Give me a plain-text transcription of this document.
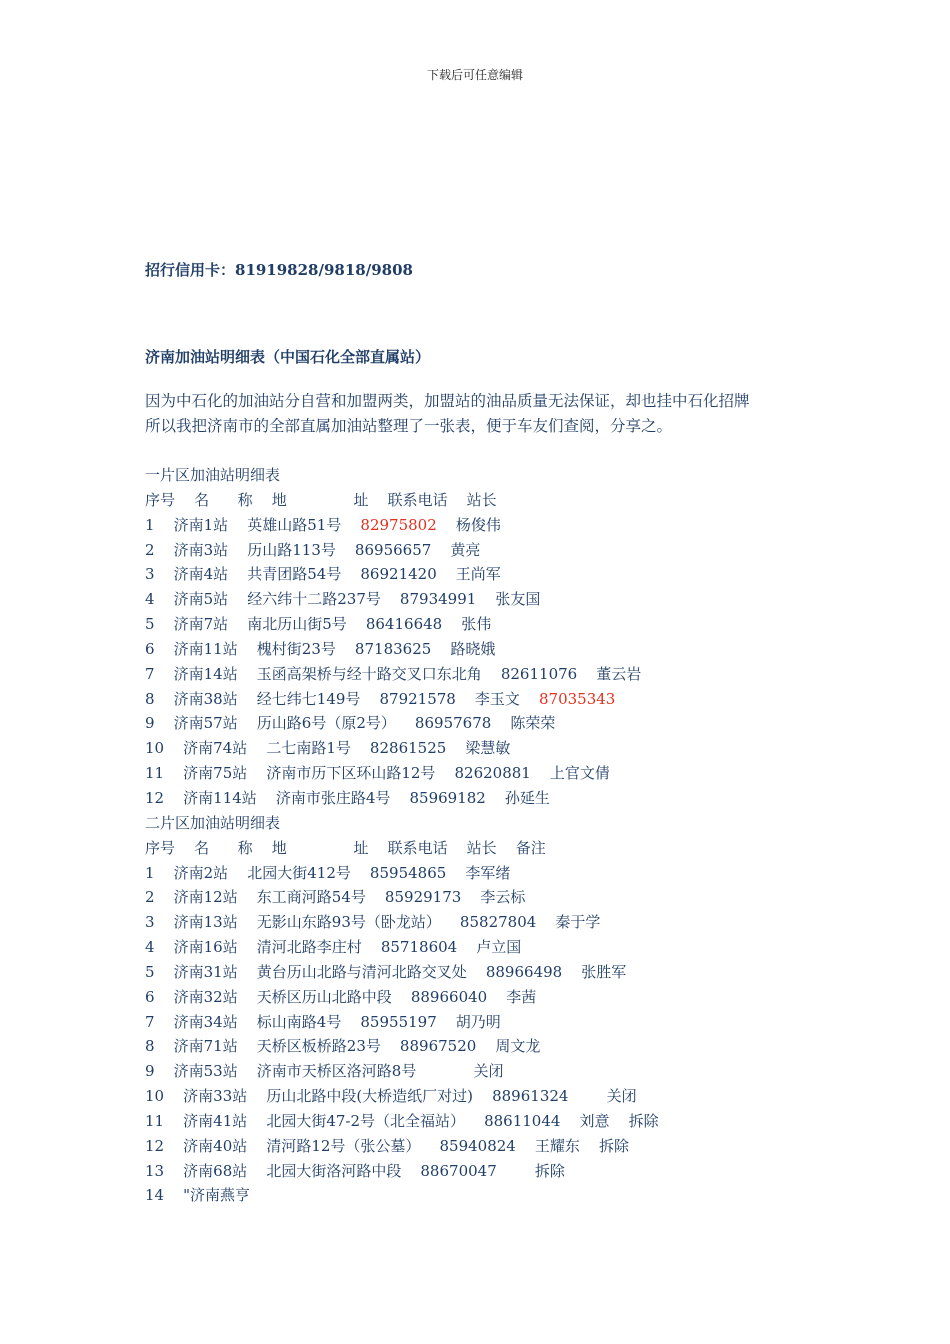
下载后可任意编辑
招行信用卡：81919828/9818/9808
济南加油站明细表（中国石化全部直属站）
因为中石化的加油站分自营和加盟两类，加盟站的油品质量无法保证，却也挂中石化招牌
所以我把济南市的全部直属加油站整理了一张表，便于车友们查阅，分享之。
一片区加油站明细表
序号    名      称    地              址    联系电话    站长
1    济南1站    英雄山路51号    82975802    杨俊伟
2    济南3站    历山路113号    86956657    黄亮
3    济南4站    共青团路54号    86921420    王尚军
4    济南5站    经六纬十二路237号    87934991    张友国
5    济南7站    南北历山街5号    86416648    张伟
6    济南11站    槐村街23号    87183625    路晓娥
7    济南14站    玉函高架桥与经十路交叉口东北角    82611076    董云岩
8    济南38站    经七纬七149号    87921578    李玉文    87035343
9    济南57站    历山路6号（原2号）    86957678    陈荣荣
10    济南74站    二七南路1号    82861525    梁慧敏
11    济南75站    济南市历下区环山路12号    82620881    上官文倩
12    济南114站    济南市张庄路4号    85969182    孙延生
二片区加油站明细表
序号    名      称    地              址    联系电话    站长    备注
1    济南2站    北园大街412号    85954865    李军绪
2    济南12站    东工商河路54号    85929173    李云标
3    济南13站    无影山东路93号（卧龙站）    85827804    秦于学
4    济南16站    清河北路李庄村    85718604    卢立国
5    济南31站    黄台历山北路与清河北路交叉处    88966498    张胜军
6    济南32站    天桥区历山北路中段    88966040    李茜
7    济南34站    标山南路4号    85955197    胡乃明
8    济南71站    天桥区板桥路23号    88967520    周文龙
9    济南53站    济南市天桥区洛河路8号            关闭
10    济南33站    历山北路中段(大桥造纸厂对过)    88961324        关闭
11    济南41站    北园大街47-2号（北全福站）    88611044    刘意    拆除
12    济南40站    清河路12号（张公墓）    85940824    王耀东    拆除
13    济南68站    北园大街洛河路中段    88670047        拆除
14    "济南燕亨
